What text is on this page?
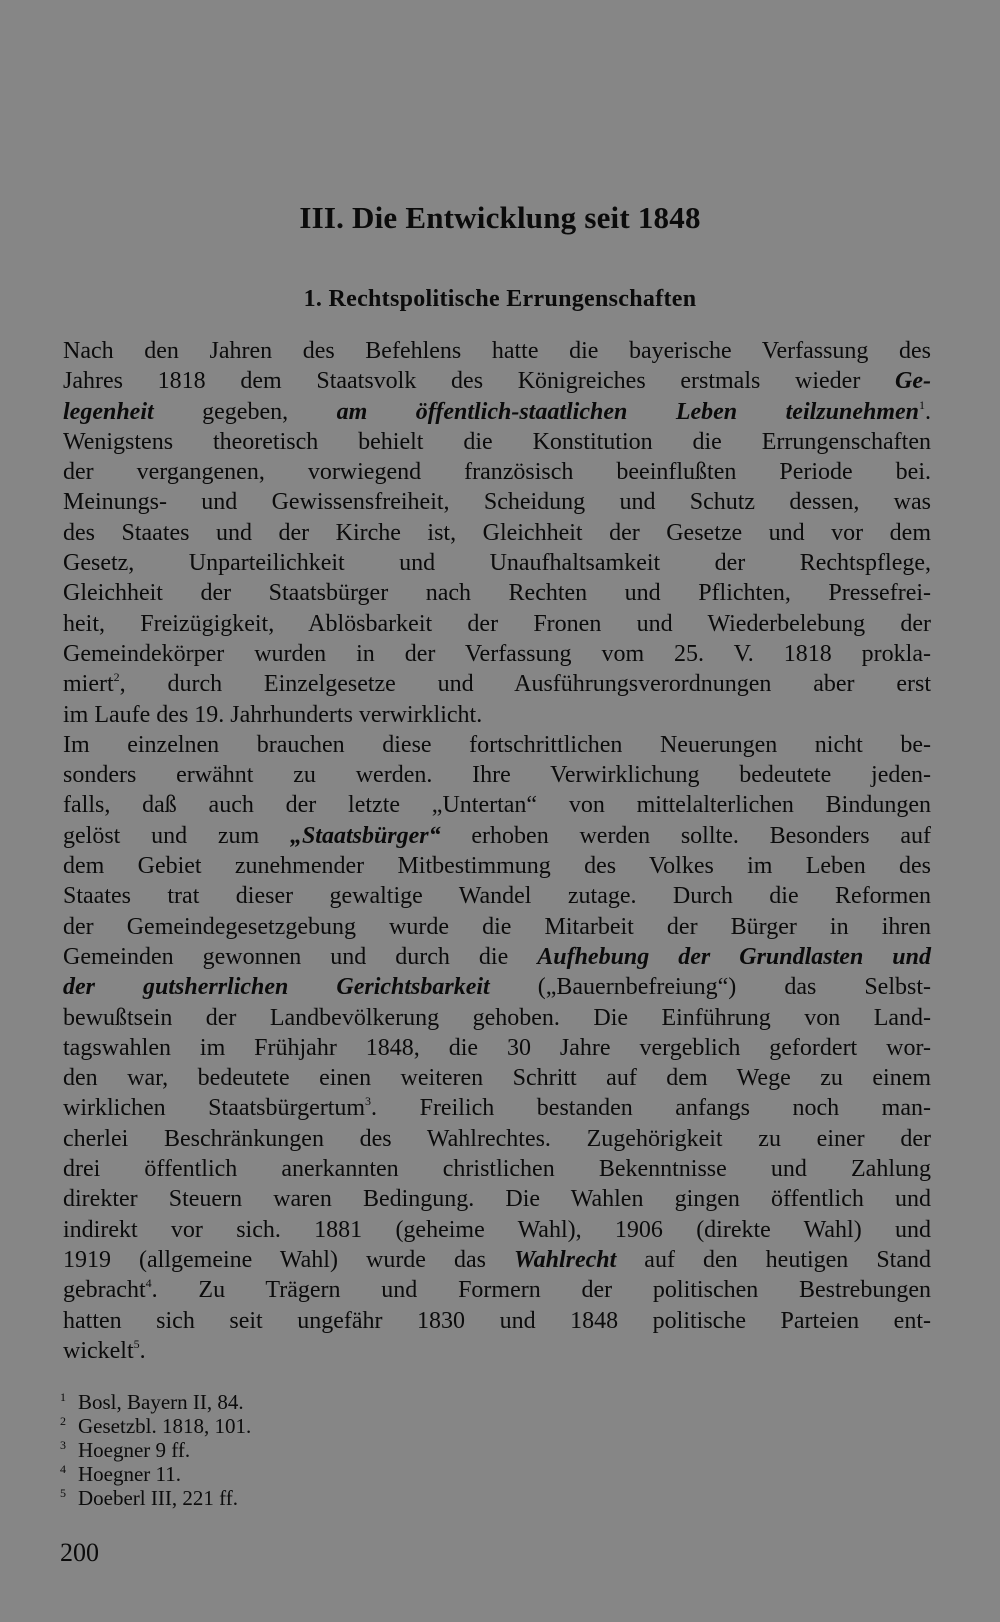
III. Die Entwicklung seit 1848
1. Rechtspolitische Errungenschaften
Nach den Jahren des Befehlens hatte die bayerische Verfassung des
Jahres 1818 dem Staatsvolk des Königreiches erstmals wieder Ge-
legenheit gegeben, am öffentlich-staatlichen Leben teilzunehmen$^1$.
Wenigstens theoretisch behielt die Konstitution die Errungenschaften
der vergangenen, vorwiegend französisch beeinflußten Periode bei.
Meinungs- und Gewissensfreiheit, Scheidung und Schutz dessen, was
des Staates und der Kirche ist, Gleichheit der Gesetze und vor dem
Gesetz, Unparteilichkeit und Unaufhaltsamkeit der Rechtspflege,
Gleichheit der Staatsbürger nach Rechten und Pflichten, Pressefrei-
heit, Freizügigkeit, Ablösbarkeit der Fronen und Wiederbelebung der
Gemeindekörper wurden in der Verfassung vom 25. V. 1818 prokla-
miert$^2$, durch Einzelgesetze und Ausführungsverordnungen aber erst
im Laufe des 19. Jahrhunderts verwirklicht.
Im einzelnen brauchen diese fortschrittlichen Neuerungen nicht be-
sonders erwähnt zu werden. Ihre Verwirklichung bedeutete jeden-
falls, daß auch der letzte „Untertan“ von mittelalterlichen Bindungen
gelöst und zum „Staatsbürger“ erhoben werden sollte. Besonders auf
dem Gebiet zunehmender Mitbestimmung des Volkes im Leben des
Staates trat dieser gewaltige Wandel zutage. Durch die Reformen
der Gemeindegesetzgebung wurde die Mitarbeit der Bürger in ihren
Gemeinden gewonnen und durch die Aufhebung der Grundlasten und
der gutsherrlichen Gerichtsbarkeit („Bauernbefreiung“) das Selbst-
bewußtsein der Landbevölkerung gehoben. Die Einführung von Land-
tagswahlen im Frühjahr 1848, die 30 Jahre vergeblich gefordert wor-
den war, bedeutete einen weiteren Schritt auf dem Wege zu einem
wirklichen Staatsbürgertum$^3$. Freilich bestanden anfangs noch man-
cherlei Beschränkungen des Wahlrechtes. Zugehörigkeit zu einer der
drei öffentlich anerkannten christlichen Bekenntnisse und Zahlung
direkter Steuern waren Bedingung. Die Wahlen gingen öffentlich und
indirekt vor sich. 1881 (geheime Wahl), 1906 (direkte Wahl) und
1919 (allgemeine Wahl) wurde das Wahlrecht auf den heutigen Stand
gebracht$^4$. Zu Trägern und Formern der politischen Bestrebungen
hatten sich seit ungefähr 1830 und 1848 politische Parteien ent-
wickelt$^5$.
1 Bosl, Bayern II, 84.
2 Gesetzbl. 1818, 101.
3 Hoegner 9 ff.
4 Hoegner 11.
5 Doeberl III, 221 ff.
200
